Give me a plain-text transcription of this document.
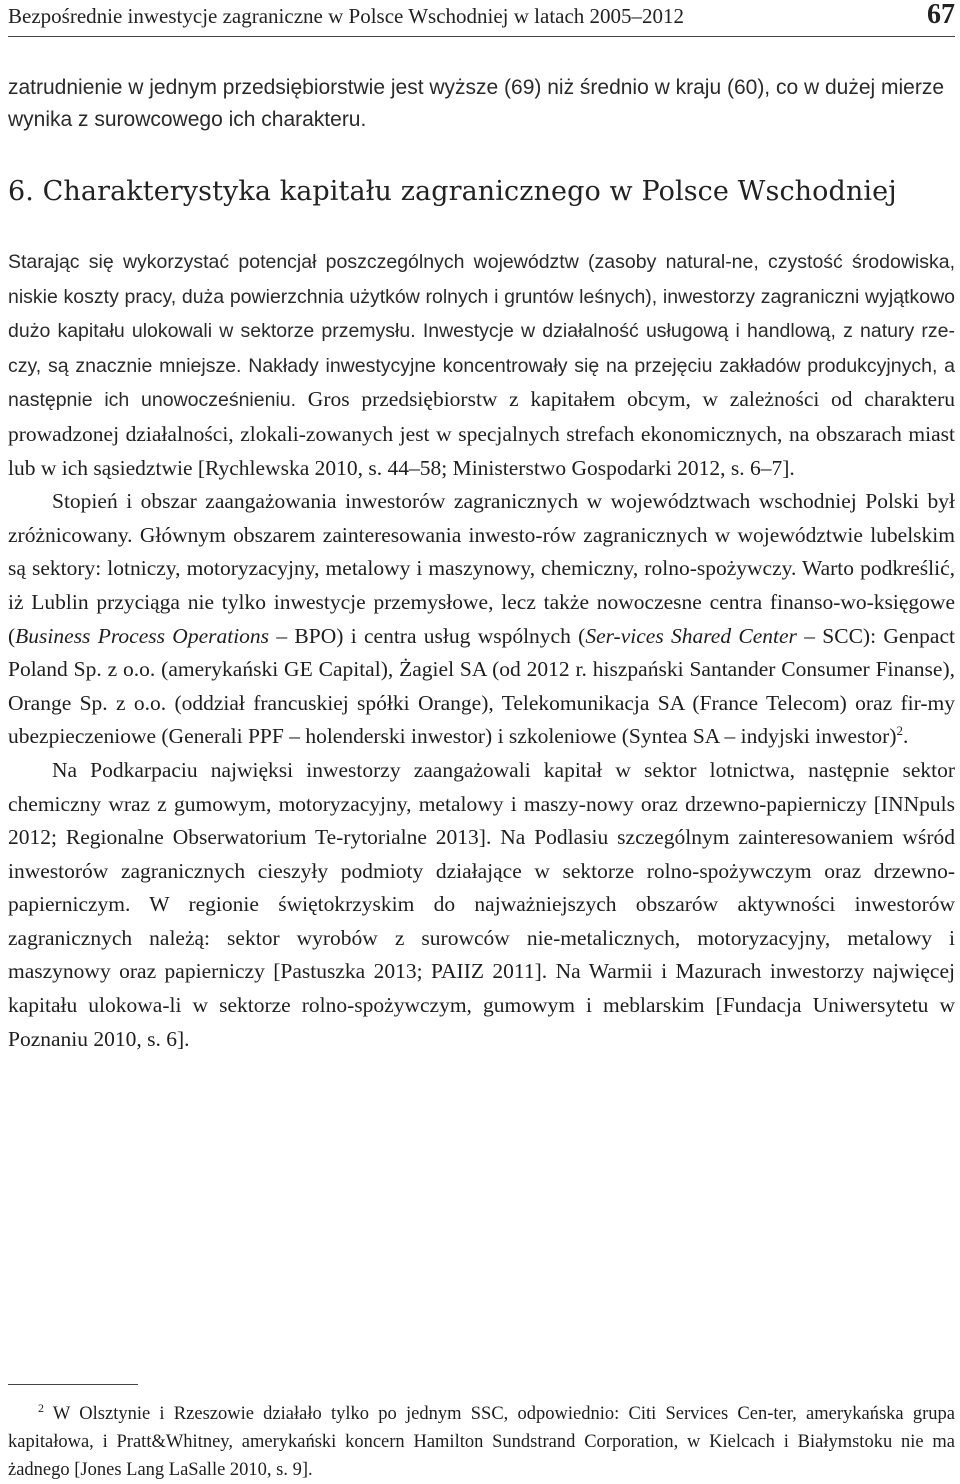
Bezpośrednie inwestycje zagraniczne w Polsce Wschodniej w latach 2005–2012	67
zatrudnienie w jednym przedsiębiorstwie jest wyższe (69) niż średnio w kraju (60), co w dużej mierze wynika z surowcowego ich charakteru.
6. Charakterystyka kapitału zagranicznego w Polsce Wschodniej

Starając się wykorzystać potencjał poszczególnych województw (zasoby natural-ne, czystość środowiska, niskie koszty pracy, duża powierzchnia użytków rolnych i gruntów leśnych), inwestorzy zagraniczni wyjątkowo dużo kapitału ulokowali w sektorze przemysłu. Inwestycje w działalność usługową i handlową, z natury rze-czy, są znacznie mniejsze. Nakłady inwestycyjne koncentrowały się na przejęciu zakładów produkcyjnych, a następnie ich unowocześnieniu. Gros przedsiębiorstw z kapitałem obcym, w zależności od charakteru prowadzonej działalności, zlokali-zowanych jest w specjalnych strefach ekonomicznych, na obszarach miast lub w ich sąsiedztwie [Rychlewska 2010, s. 44–58; Ministerstwo Gospodarki 2012, s. 6–7].

Stopień i obszar zaangażowania inwestorów zagranicznych w województwach wschodniej Polski był zróżnicowany. Głównym obszarem zainteresowania inwesto-rów zagranicznych w województwie lubelskim są sektory: lotniczy, motoryzacyjny, metalowy i maszynowy, chemiczny, rolno-spożywczy. Warto podkreślić, iż Lublin przyciąga nie tylko inwestycje przemysłowe, lecz także nowoczesne centra finanso-wo-księgowe (Business Process Operations – BPO) i centra usług wspólnych (Ser-vices Shared Center – SCC): Genpact Poland Sp. z o.o. (amerykański GE Capital), Żagiel SA (od 2012 r. hiszpański Santander Consumer Finanse), Orange Sp. z o.o. (oddział francuskiej spółki Orange), Telekomunikacja SA (France Telecom) oraz fir-my ubezpieczeniowe (Generali PPF – holenderski inwestor) i szkoleniowe (Syntea SA – indyjski inwestor)$^2$.

Na Podkarpaciu najwięksi inwestorzy zaangażowali kapitał w sektor lotnictwa, następnie sektor chemiczny wraz z gumowym, motoryzacyjny, metalowy i maszy-nowy oraz drzewno-papierniczy [INNpuls 2012; Regionalne Obserwatorium Te-rytorialne 2013]. Na Podlasiu szczególnym zainteresowaniem wśród inwestorów zagranicznych cieszyły podmioty działające w sektorze rolno-spożywczym oraz drzewno-papierniczym. W regionie świętokrzyskim do najważniejszych obszarów aktywności inwestorów zagranicznych należą: sektor wyrobów z surowców nie-metalicznych, motoryzacyjny, metalowy i maszynowy oraz papierniczy [Pastuszka 2013; PAIIZ 2011]. Na Warmii i Mazurach inwestorzy najwięcej kapitału ulokowa-li w sektorze rolno-spożywczym, gumowym i meblarskim [Fundacja Uniwersytetu w Poznaniu 2010, s. 6].

$^2$ W Olsztynie i Rzeszowie działało tylko po jednym SSC, odpowiednio: Citi Services Cen-ter, amerykańska grupa kapitałowa, i Pratt&Whitney, amerykański koncern Hamilton Sundstrand Corporation, w Kielcach i Białymstoku nie ma żadnego [Jones Lang LaSalle 2010, s. 9].
